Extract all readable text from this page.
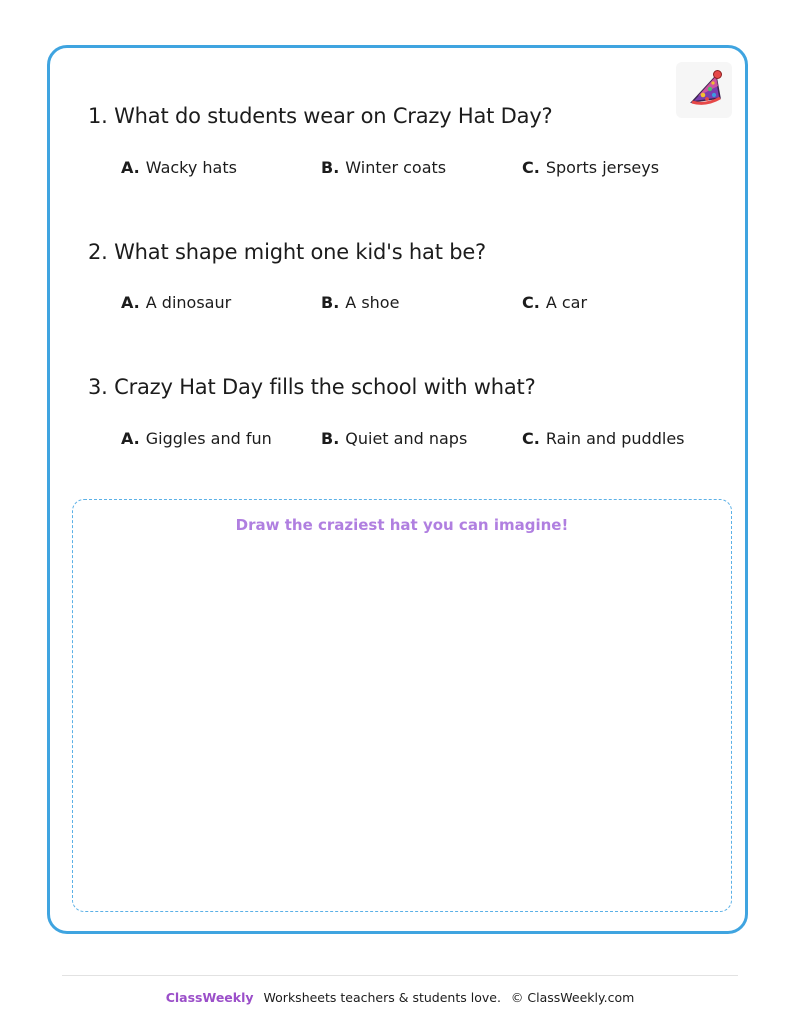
1. What do students wear on Crazy Hat Day?
A. Wacky hats	B. Winter coats	C. Sports jerseys
2. What shape might one kid's hat be?
A. A dinosaur	B. A shoe	C. A car
3. Crazy Hat Day fills the school with what?
A. Giggles and fun	B. Quiet and naps	C. Rain and puddles
Draw the craziest hat you can imagine!
ClassWeekly Worksheets teachers & students love. © ClassWeekly.com
